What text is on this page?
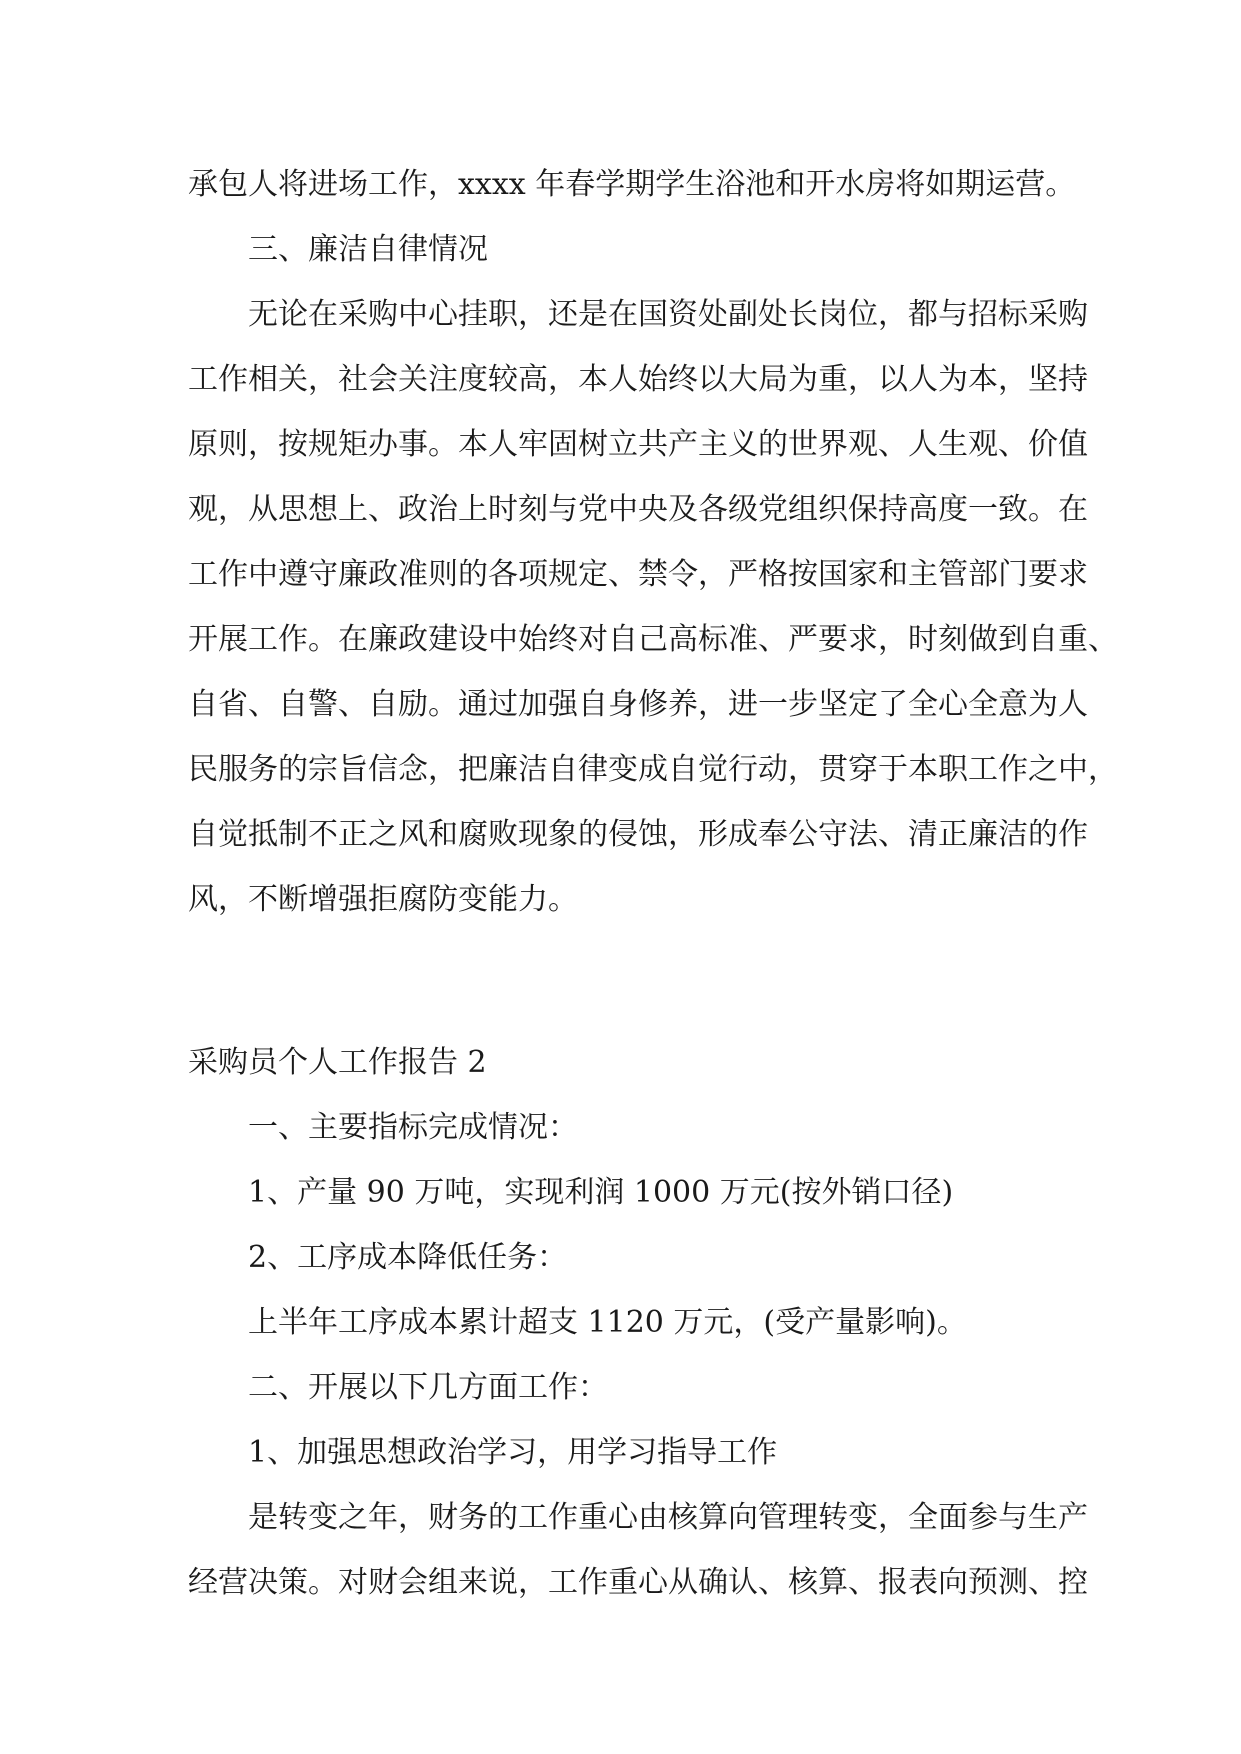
承包人将进场工作，xxxx 年春学期学生浴池和开水房将如期运营。

三、廉洁自律情况

无论在采购中心挂职，还是在国资处副处长岗位，都与招标采购

工作相关，社会关注度较高，本人始终以大局为重，以人为本，坚持

原则，按规矩办事。本人牢固树立共产主义的世界观、人生观、价值

观，从思想上、政治上时刻与党中央及各级党组织保持高度一致。在

工作中遵守廉政准则的各项规定、禁令，严格按国家和主管部门要求

开展工作。在廉政建设中始终对自己高标准、严要求，时刻做到自重、

自省、自警、自励。通过加强自身修养，进一步坚定了全心全意为人

民服务的宗旨信念，把廉洁自律变成自觉行动，贯穿于本职工作之中，

自觉抵制不正之风和腐败现象的侵蚀，形成奉公守法、清正廉洁的作

风，不断增强拒腐防变能力。

采购员个人工作报告 2

一、主要指标完成情况：

1、产量 90 万吨，实现利润 1000 万元(按外销口径)

2、工序成本降低任务：

上半年工序成本累计超支 1120 万元，(受产量影响)。

二、开展以下几方面工作：

1、加强思想政治学习，用学习指导工作

是转变之年，财务的工作重心由核算向管理转变，全面参与生产

经营决策。对财会组来说，工作重心从确认、核算、报表向预测、控
